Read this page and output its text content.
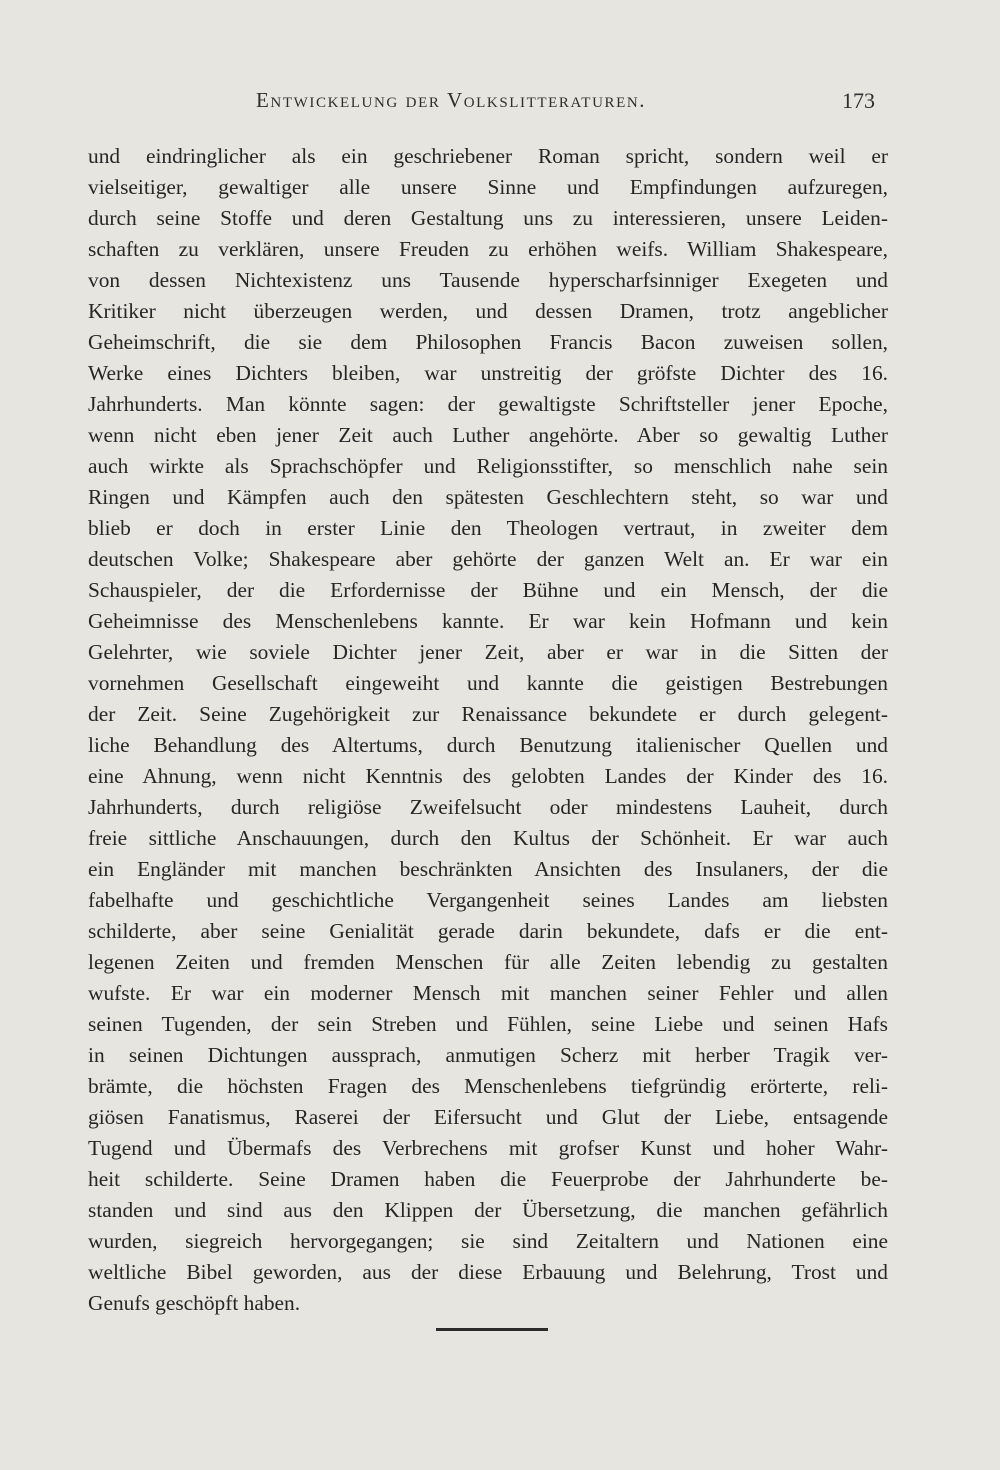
Entwickelung der Volkslitteraturen.	173
und eindringlicher als ein geschriebener Roman spricht, sondern weil er
vielseitiger, gewaltiger alle unsere Sinne und Empfindungen aufzuregen,
durch seine Stoffe und deren Gestaltung uns zu interessieren, unsere Leiden-
schaften zu verklären, unsere Freuden zu erhöhen weifs. William Shakespeare,
von dessen Nichtexistenz uns Tausende hyperscharfsinniger Exegeten und
Kritiker nicht überzeugen werden, und dessen Dramen, trotz angeblicher
Geheimschrift, die sie dem Philosophen Francis Bacon zuweisen sollen,
Werke eines Dichters bleiben, war unstreitig der gröfste Dichter des 16.
Jahrhunderts. Man könnte sagen: der gewaltigste Schriftsteller jener Epoche,
wenn nicht eben jener Zeit auch Luther angehörte. Aber so gewaltig Luther
auch wirkte als Sprachschöpfer und Religionsstifter, so menschlich nahe sein
Ringen und Kämpfen auch den spätesten Geschlechtern steht, so war und
blieb er doch in erster Linie den Theologen vertraut, in zweiter dem
deutschen Volke; Shakespeare aber gehörte der ganzen Welt an. Er war ein
Schauspieler, der die Erfordernisse der Bühne und ein Mensch, der die
Geheimnisse des Menschenlebens kannte. Er war kein Hofmann und kein
Gelehrter, wie soviele Dichter jener Zeit, aber er war in die Sitten der
vornehmen Gesellschaft eingeweiht und kannte die geistigen Bestrebungen
der Zeit. Seine Zugehörigkeit zur Renaissance bekundete er durch gelegent-
liche Behandlung des Altertums, durch Benutzung italienischer Quellen und
eine Ahnung, wenn nicht Kenntnis des gelobten Landes der Kinder des 16.
Jahrhunderts, durch religiöse Zweifelsucht oder mindestens Lauheit, durch
freie sittliche Anschauungen, durch den Kultus der Schönheit. Er war auch
ein Engländer mit manchen beschränkten Ansichten des Insulaners, der die
fabelhafte und geschichtliche Vergangenheit seines Landes am liebsten
schilderte, aber seine Genialität gerade darin bekundete, dafs er die ent-
legenen Zeiten und fremden Menschen für alle Zeiten lebendig zu gestalten
wufste. Er war ein moderner Mensch mit manchen seiner Fehler und allen
seinen Tugenden, der sein Streben und Fühlen, seine Liebe und seinen Hafs
in seinen Dichtungen aussprach, anmutigen Scherz mit herber Tragik ver-
brämte, die höchsten Fragen des Menschenlebens tiefgründig erörterte, reli-
giösen Fanatismus, Raserei der Eifersucht und Glut der Liebe, entsagende
Tugend und Übermafs des Verbrechens mit grofser Kunst und hoher Wahr-
heit schilderte. Seine Dramen haben die Feuerprobe der Jahrhunderte be-
standen und sind aus den Klippen der Übersetzung, die manchen gefährlich
wurden, siegreich hervorgegangen; sie sind Zeitaltern und Nationen eine
weltliche Bibel geworden, aus der diese Erbauung und Belehrung, Trost und
Genufs geschöpft haben.
